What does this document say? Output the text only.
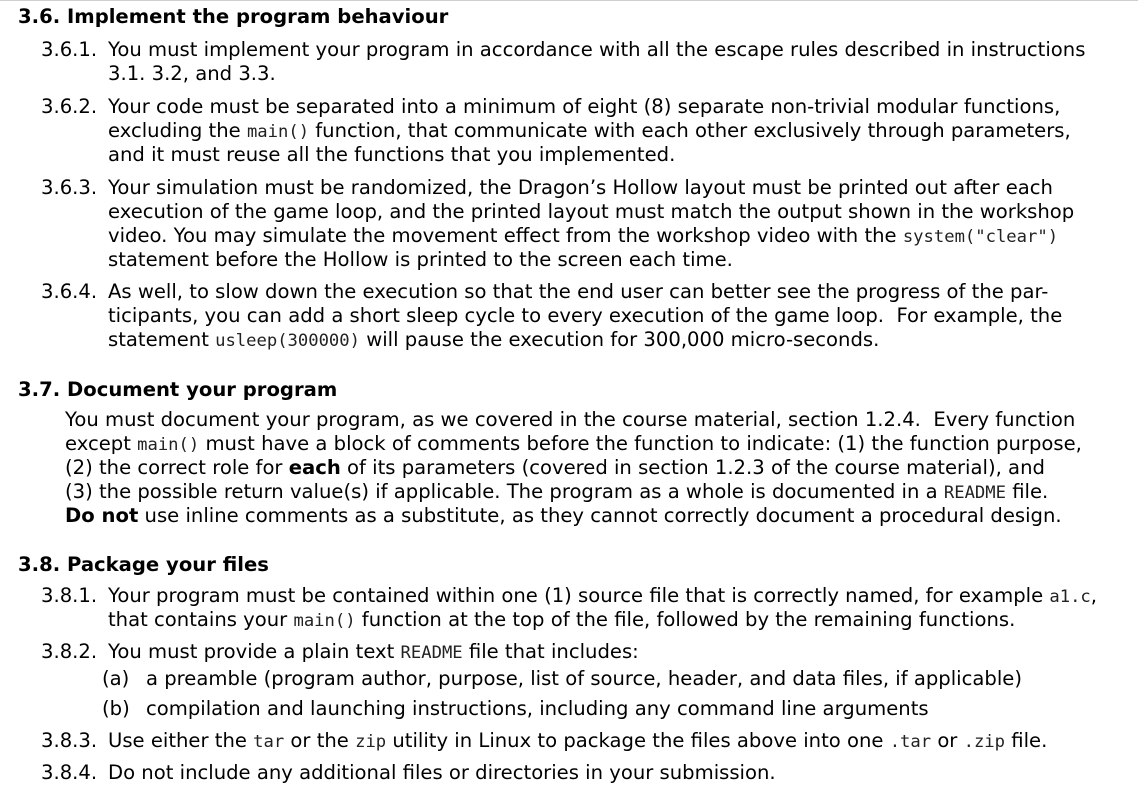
3.6. Implement the program behaviour
3.6.1. You must implement your program in accordance with all the escape rules described in instructions
3.1. 3.2, and 3.3.
3.6.2. Your code must be separated into a minimum of eight (8) separate non-trivial modular functions,
excluding the main() function, that communicate with each other exclusively through parameters,
and it must reuse all the functions that you implemented.
3.6.3. Your simulation must be randomized, the Dragon’s Hollow layout must be printed out after each
execution of the game loop, and the printed layout must match the output shown in the workshop
video. You may simulate the movement effect from the workshop video with the system("clear")
statement before the Hollow is printed to the screen each time.
3.6.4. As well, to slow down the execution so that the end user can better see the progress of the par-
ticipants, you can add a short sleep cycle to every execution of the game loop.  For example, the
statement usleep(300000) will pause the execution for 300,000 micro-seconds.
3.7. Document your program
You must document your program, as we covered in the course material, section 1.2.4.  Every function
except main() must have a block of comments before the function to indicate: (1) the function purpose,
(2) the correct role for each of its parameters (covered in section 1.2.3 of the course material), and
(3) the possible return value(s) if applicable. The program as a whole is documented in a README file.
Do not use inline comments as a substitute, as they cannot correctly document a procedural design.
3.8. Package your files
3.8.1. Your program must be contained within one (1) source file that is correctly named, for example a1.c,
that contains your main() function at the top of the file, followed by the remaining functions.
3.8.2. You must provide a plain text README file that includes:
(a) a preamble (program author, purpose, list of source, header, and data files, if applicable)
(b) compilation and launching instructions, including any command line arguments
3.8.3. Use either the tar or the zip utility in Linux to package the files above into one .tar or .zip file.
3.8.4. Do not include any additional files or directories in your submission.
